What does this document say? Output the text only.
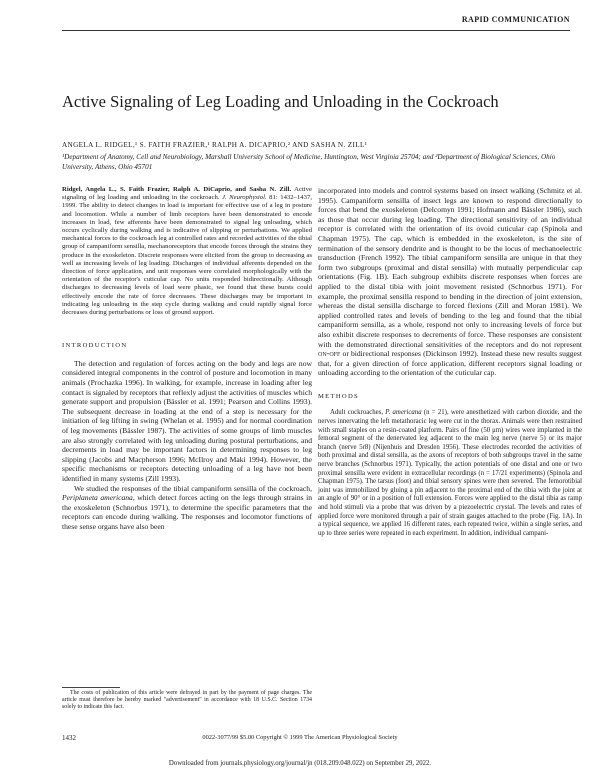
RAPID COMMUNICATION
Active Signaling of Leg Loading and Unloading in the Cockroach
ANGELA L. RIDGEL,¹ S. FAITH FRAZIER,¹ RALPH A. DICAPRIO,² AND SASHA N. ZILL¹
¹Department of Anatomy, Cell and Neurobiology, Marshall University School of Medicine, Huntington, West Virginia 25704; and ²Department of Biological Sciences, Ohio University, Athens, Ohio 45701

Ridgel, Angela L., S. Faith Frazier, Ralph A. DiCaprio, and Sasha N. Zill. Active signaling of leg loading and unloading in the cockroach. J. Neurophysiol. 81: 1432–1437, 1999. The ability to detect changes in load is important for effective use of a leg in posture and locomotion. While a number of limb receptors have been demonstrated to encode increases in load, few afferents have been demonstrated to signal leg unloading, which occurs cyclically during walking and is indicative of slipping or perturbations. We applied mechanical forces to the cockroach leg at controlled rates and recorded activities of the tibial group of campaniform sensilla, mechanoreceptors that encode forces through the strains they produce in the exoskeleton. Discrete responses were elicited from the group to decreasing as well as increasing levels of leg loading. Discharges of individual afferents depended on the direction of force application, and unit responses were correlated morphologically with the orientation of the receptor's cuticular cap. No units responded bidirectionally. Although discharges to decreasing levels of load were phasic, we found that these bursts could effectively encode the rate of force decreases. These discharges may be important in indicating leg unloading in the step cycle during walking and could rapidly signal force decreases during perturbations or loss of ground support.

INTRODUCTION

The detection and regulation of forces acting on the body and legs are now considered integral components in the control of posture and locomotion in many animals (Prochazka 1996). In walking, for example, increase in loading after leg contact is signaled by receptors that reflexly adjust the activities of muscles which generate support and propulsion (Bässler et al. 1991; Pearson and Collins 1993). The subsequent decrease in loading at the end of a step is necessary for the initiation of leg lifting in swing (Whelan et al. 1995) and for normal coordination of leg movements (Bässler 1987). The activities of some groups of limb muscles are also strongly correlated with leg unloading during postural perturbations, and decrements in load may be important factors in determining responses to leg slipping (Jacobs and Macpherson 1996; McIlroy and Maki 1994). However, the specific mechanisms or receptors detecting unloading of a leg have not been identified in many systems (Zill 1993).

We studied the responses of the tibial campaniform sensilla of the cockroach, Periplaneta americana, which detect forces acting on the legs through strains in the exoskeleton (Schnorbus 1971), to determine the specific parameters that the receptors can encode during walking. The responses and locomotor functions of these sense organs have also been

incorporated into models and control systems based on insect walking (Schmitz et al. 1995). Campaniform sensilla of insect legs are known to respond directionally to forces that bend the exoskeleton (Delcomyn 1991; Hofmann and Bässler 1986), such as those that occur during leg loading. The directional sensitivity of an individual receptor is correlated with the orientation of its ovoid cuticular cap (Spinola and Chapman 1975). The cap, which is embedded in the exoskeleton, is the site of termination of the sensory dendrite and is thought to be the locus of mechanoelectric transduction (French 1992). The tibial campaniform sensilla are unique in that they form two subgroups (proximal and distal sensilla) with mutually perpendicular cap orientations (Fig. 1B). Each subgroup exhibits discrete responses when forces are applied to the distal tibia with joint movement resisted (Schnorbus 1971). For example, the proximal sensilla respond to bending in the direction of joint extension, whereas the distal sensilla discharge to forced flexions (Zill and Moran 1981). We applied controlled rates and levels of bending to the leg and found that the tibial campaniform sensilla, as a whole, respond not only to increasing levels of force but also exhibit discrete responses to decrements of force. These responses are consistent with the demonstrated directional sensitivities of the receptors and do not represent on-off or bidirectional responses (Dickinson 1992). Instead these new results suggest that, for a given direction of force application, different receptors signal loading or unloading according to the orientation of the cuticular cap.

METHODS

Adult cockroaches, P. americana (n = 21), were anesthetized with carbon dioxide, and the nerves innervating the left metathoracic leg were cut in the thorax. Animals were then restrained with small staples on a resin-coated platform. Pairs of fine (50 μm) wires were implanted in the femoral segment of the denervated leg adjacent to the main leg nerve (nerve 5) or its major branch (nerve 5r8) (Nijenhuis and Dresden 1956). These electrodes recorded the activities of both proximal and distal sensilla, as the axons of receptors of both subgroups travel in the same nerve branches (Schnorbus 1971). Typically, the action potentials of one distal and one or two proximal sensilla were evident in extracellular recordings (n = 17/21 experiments) (Spinola and Chapman 1975). The tarsus (foot) and tibial sensory spines were then severed. The femorotibial joint was immobilized by gluing a pin adjacent to the proximal end of the tibia with the joint at an angle of 90° or in a position of full extension. Forces were applied to the distal tibia as ramp and hold stimuli via a probe that was driven by a piezoelectric crystal. The levels and rates of applied force were monitored through a pair of strain gauges attached to the probe (Fig. 1A). In a typical sequence, we applied 16 different rates, each repeated twice, within a single series, and up to three series were repeated in each experiment. In addition, individual campani-

The costs of publication of this article were defrayed in part by the payment of page charges. The article must therefore be hereby marked "advertisement" in accordance with 18 U.S.C. Section 1734 solely to indicate this fact.
1432	0022-3077/99 $5.00 Copyright © 1999 The American Physiological Society
Downloaded from journals.physiology.org/journal/jn (018.209.048.022) on September 29, 2022.
